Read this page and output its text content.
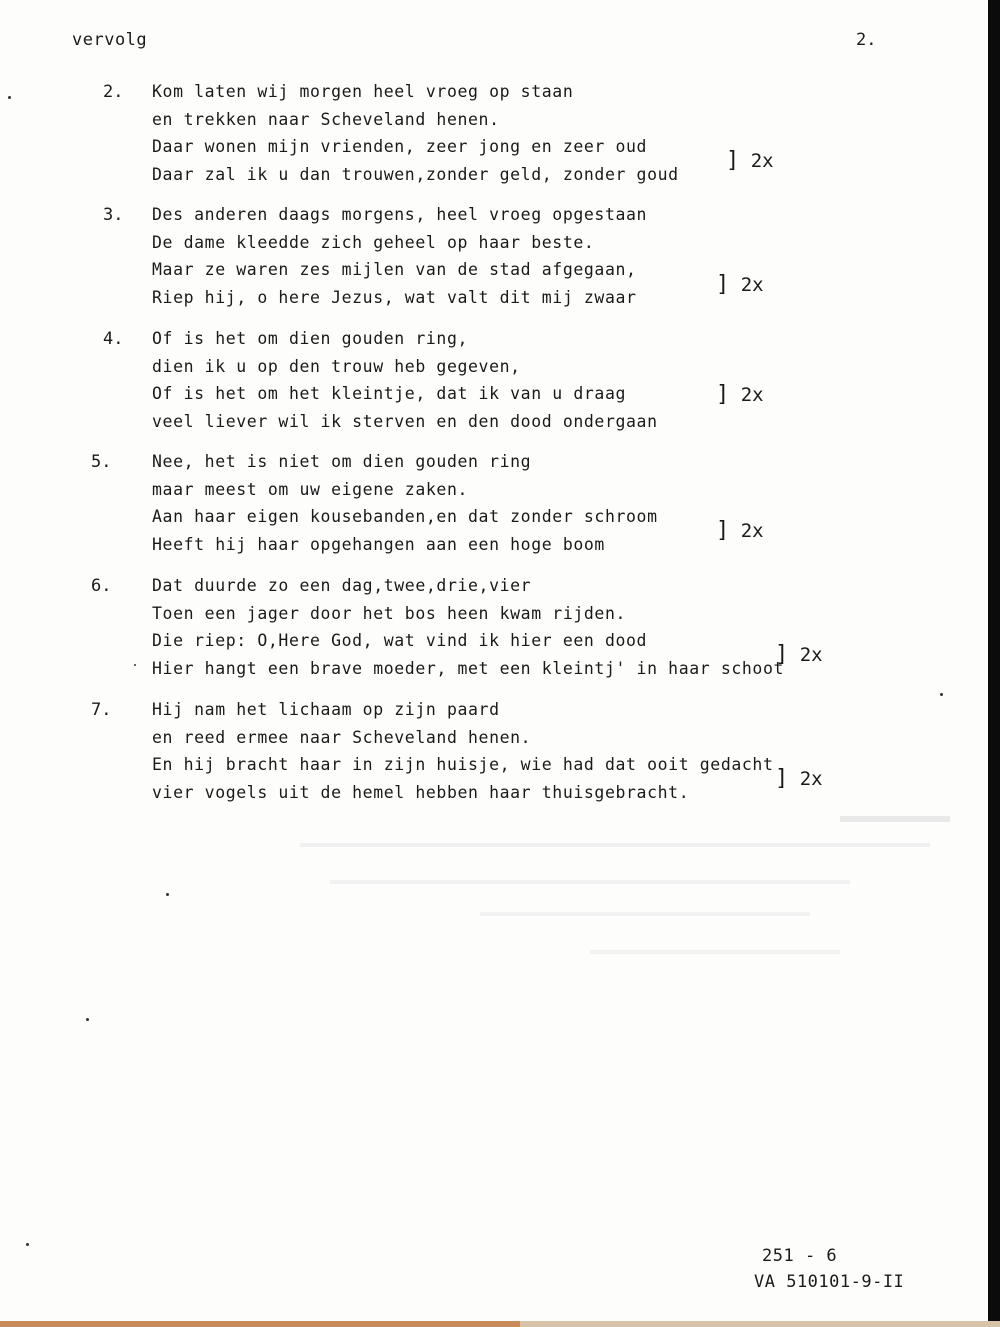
vervolg	2.
2. Kom laten wij morgen heel vroeg op staan
en trekken naar Scheveland henen.
Daar wonen mijn vrienden, zeer jong en zeer oud
Daar zal ik u dan trouwen,zonder geld, zonder goud
] 2x
3. Des anderen daags morgens, heel vroeg opgestaan
De dame kleedde zich geheel op haar beste.
Maar ze waren zes mijlen van de stad afgegaan,
Riep hij, o here Jezus, wat valt dit mij zwaar
] 2x
4. Of is het om dien gouden ring,
dien ik u op den trouw heb gegeven,
Of is het om het kleintje, dat ik van u draag
veel liever wil ik sterven en den dood ondergaan
] 2x
5. Nee, het is niet om dien gouden ring
maar meest om uw eigene zaken.
Aan haar eigen kousebanden,en dat zonder schroom
Heeft hij haar opgehangen aan een hoge boom
] 2x
6. Dat duurde zo een dag,twee,drie,vier
Toen een jager door het bos heen kwam rijden.
Die riep: O,Here God, wat vind ik hier een dood
Hier hangt een brave moeder, met een kleintj' in haar schoot
] 2x
7. Hij nam het lichaam op zijn paard
en reed ermee naar Scheveland henen.
En hij bracht haar in zijn huisje, wie had dat ooit gedacht
vier vogels uit de hemel hebben haar thuisgebracht.
] 2x
251 - 6
VA 510101-9-II
